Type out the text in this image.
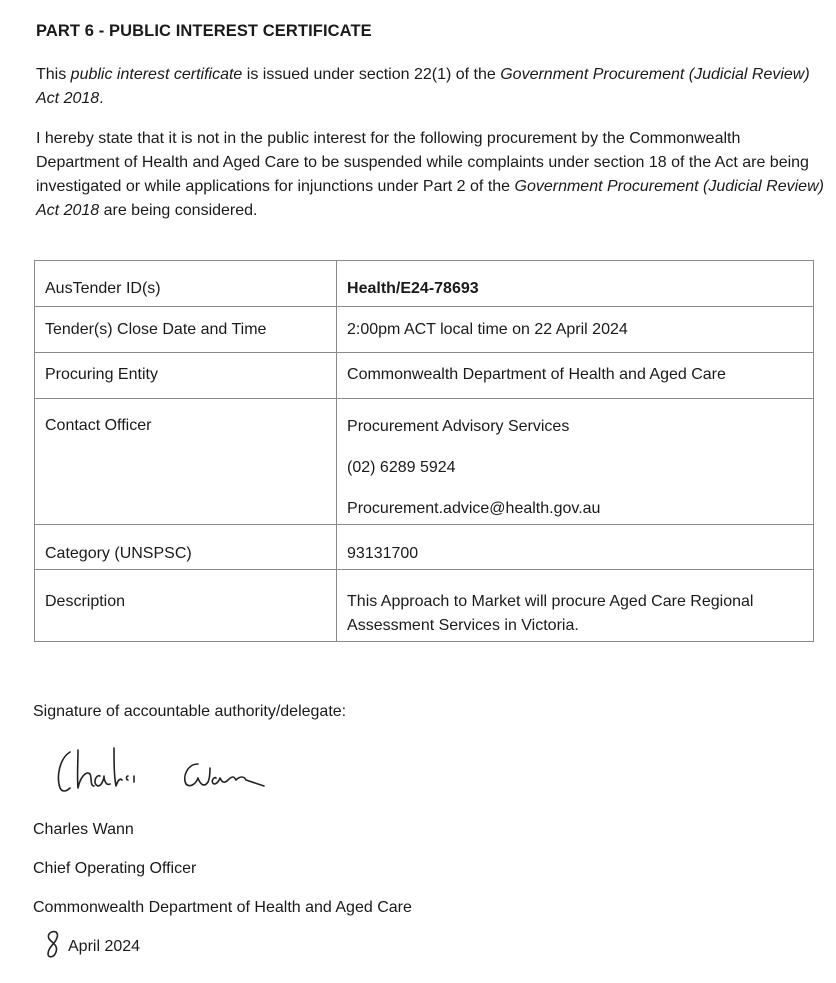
PART 6 - PUBLIC INTEREST CERTIFICATE
This public interest certificate is issued under section 22(1) of the Government Procurement (Judicial Review) Act 2018.
I hereby state that it is not in the public interest for the following procurement by the Commonwealth Department of Health and Aged Care to be suspended while complaints under section 18 of the Act are being investigated or while applications for injunctions under Part 2 of the Government Procurement (Judicial Review) Act 2018 are being considered.
AusTender ID(s)	Health/E24-78693
Tender(s) Close Date and Time	2:00pm ACT local time on 22 April 2024
Procuring Entity	Commonwealth Department of Health and Aged Care
Contact Officer	Procurement Advisory Services
(02) 6289 5924
Procurement.advice@health.gov.au

Category (UNSPSC)	93131700
Description	This Approach to Market will procure Aged Care Regional Assessment Services in Victoria.
Signature of accountable authority/delegate:
Charles Wann
Chief Operating Officer
Commonwealth Department of Health and Aged Care
April 2024
